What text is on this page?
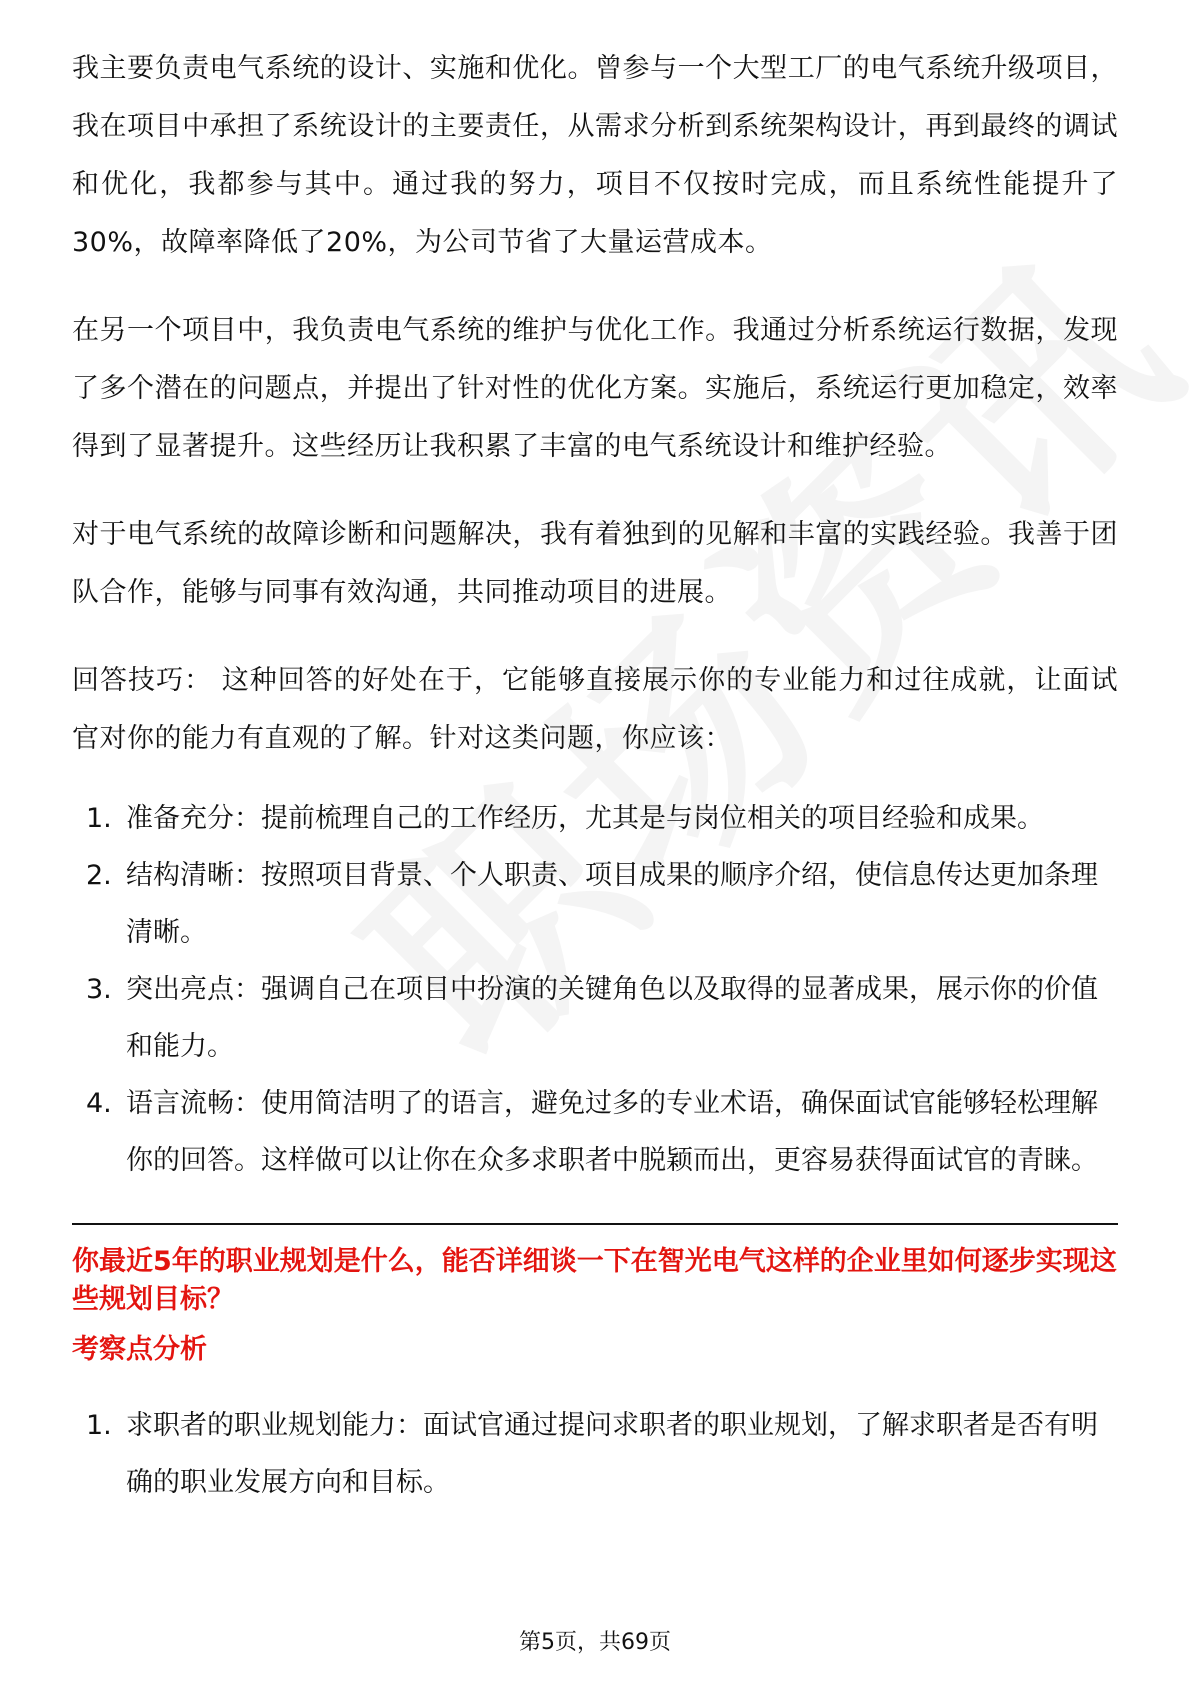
我主要负责电气系统的设计、实施和优化。曾参与一个大型工厂的电气系统升级项目，我在项目中承担了系统设计的主要责任，从需求分析到系统架构设计，再到最终的调试和优化，我都参与其中。通过我的努力，项目不仅按时完成，而且系统性能提升了30%，故障率降低了20%，为公司节省了大量运营成本。

在另一个项目中，我负责电气系统的维护与优化工作。我通过分析系统运行数据，发现了多个潜在的问题点，并提出了针对性的优化方案。实施后，系统运行更加稳定，效率得到了显著提升。这些经历让我积累了丰富的电气系统设计和维护经验。

对于电气系统的故障诊断和问题解决，我有着独到的见解和丰富的实践经验。我善于团队合作，能够与同事有效沟通，共同推动项目的进展。

回答技巧： 这种回答的好处在于，它能够直接展示你的专业能力和过往成就，让面试官对你的能力有直观的了解。针对这类问题，你应该：

1. 准备充分：提前梳理自己的工作经历，尤其是与岗位相关的项目经验和成果。
2. 结构清晰：按照项目背景、个人职责、项目成果的顺序介绍，使信息传达更加条理清晰。
3. 突出亮点：强调自己在项目中扮演的关键角色以及取得的显著成果，展示你的价值和能力。
4. 语言流畅：使用简洁明了的语言，避免过多的专业术语，确保面试官能够轻松理解你的回答。这样做可以让你在众多求职者中脱颖而出，更容易获得面试官的青睐。
你最近5年的职业规划是什么，能否详细谈一下在智光电气这样的企业里如何逐步实现这些规划目标？
考察点分析
1. 求职者的职业规划能力：面试官通过提问求职者的职业规划，了解求职者是否有明确的职业发展方向和目标。
第5页，共69页
